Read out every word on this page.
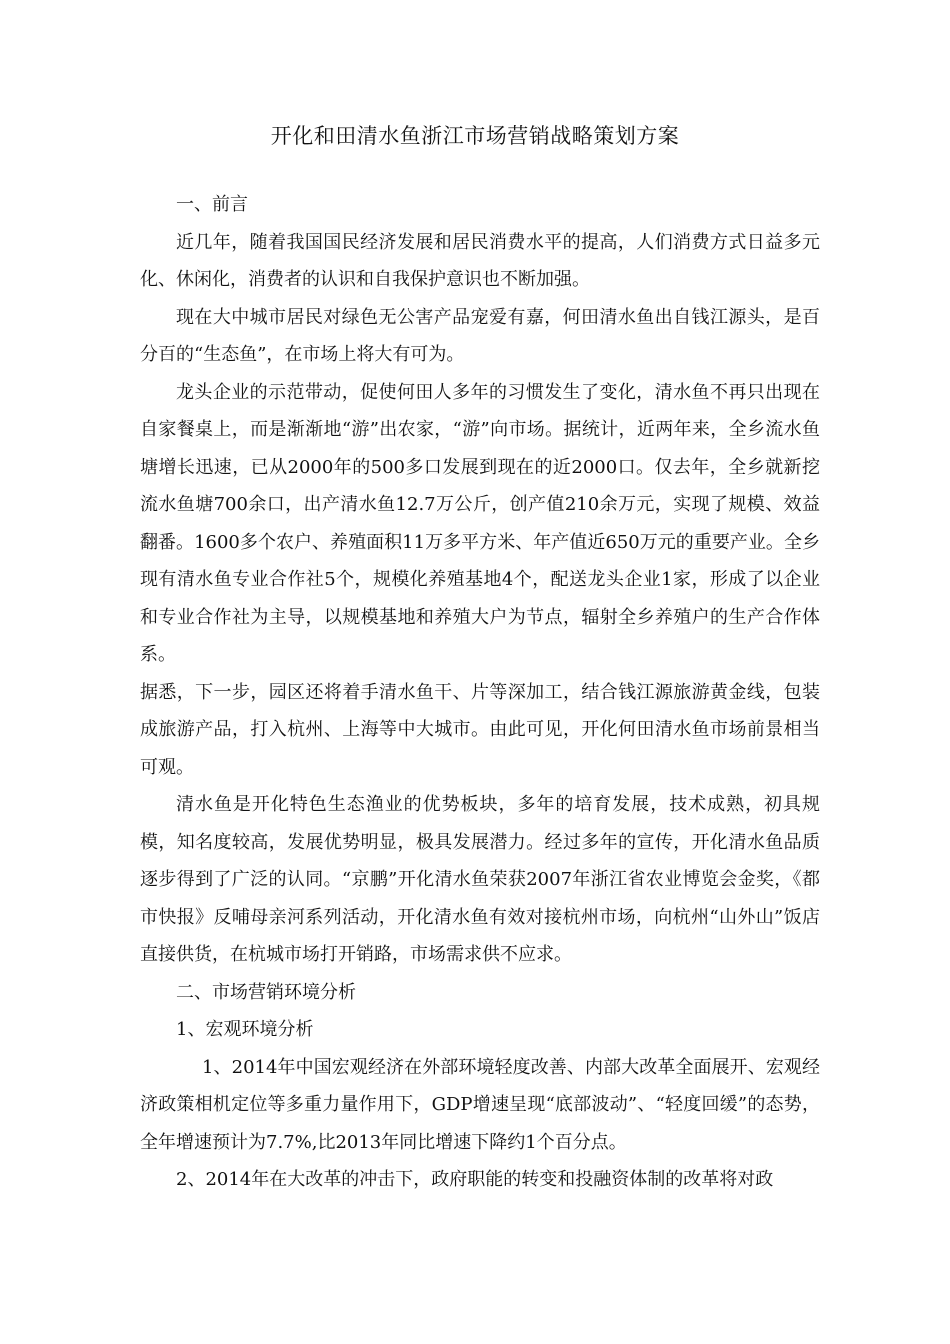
开化和田清水鱼浙江市场营销战略策划方案

一、前言

近几年，随着我国国民经济发展和居民消费水平的提高，人们消费方式日益多元化、休闲化，消费者的认识和自我保护意识也不断加强。

现在大中城市居民对绿色无公害产品宠爱有嘉，何田清水鱼出自钱江源头，是百分百的“生态鱼”，在市场上将大有可为。

龙头企业的示范带动，促使何田人多年的习惯发生了变化，清水鱼不再只出现在自家餐桌上，而是渐渐地“游”出农家，“游”向市场。据统计，近两年来，全乡流水鱼塘增长迅速，已从2000年的500多口发展到现在的近2000口。仅去年，全乡就新挖流水鱼塘700余口，出产清水鱼12.7万公斤，创产值210余万元，实现了规模、效益翻番。1600多个农户、养殖面积11万多平方米、年产值近650万元的重要产业。全乡现有清水鱼专业合作社5个，规模化养殖基地4个，配送龙头企业1家，形成了以企业和专业合作社为主导，以规模基地和养殖大户为节点，辐射全乡养殖户的生产合作体系。

据悉，下一步，园区还将着手清水鱼干、片等深加工，结合钱江源旅游黄金线，包装成旅游产品，打入杭州、上海等中大城市。由此可见，开化何田清水鱼市场前景相当可观。

清水鱼是开化特色生态渔业的优势板块，多年的培育发展，技术成熟，初具规模，知名度较高，发展优势明显，极具发展潜力。经过多年的宣传，开化清水鱼品质逐步得到了广泛的认同。“京鹏”开化清水鱼荣获2007年浙江省农业博览会金奖，《都市快报》反哺母亲河系列活动，开化清水鱼有效对接杭州市场，向杭州“山外山”饭店直接供货，在杭城市场打开销路，市场需求供不应求。

二、市场营销环境分析

1、宏观环境分析

1、2014年中国宏观经济在外部环境轻度改善、内部大改革全面展开、宏观经济政策相机定位等多重力量作用下，GDP增速呈现“底部波动”、“轻度回缓”的态势，全年增速预计为7.7%,比2013年同比增速下降约1个百分点。

2、2014年在大改革的冲击下，政府职能的转变和投融资体制的改革将对政
